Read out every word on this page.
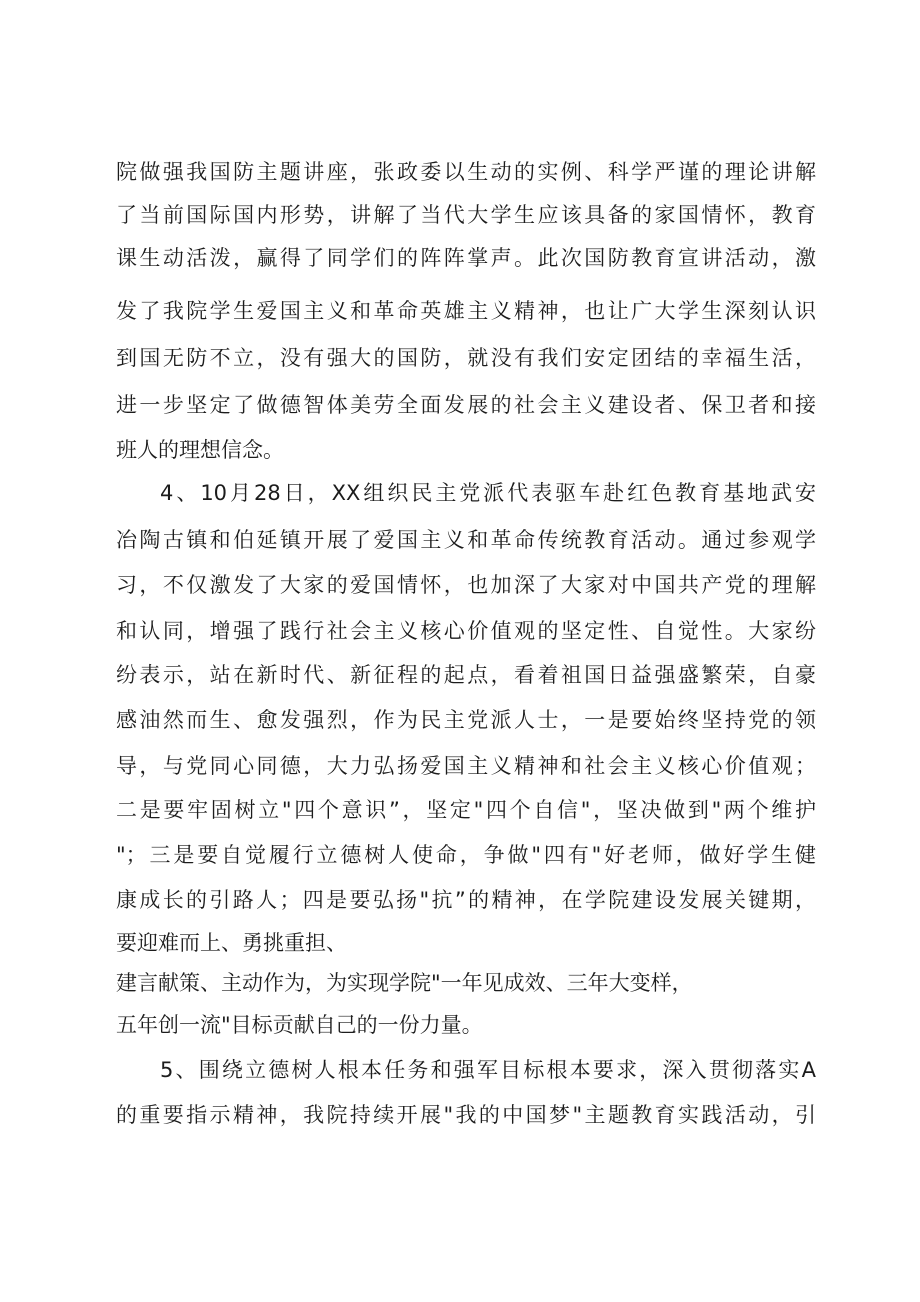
院做强我国防主题讲座，张政委以生动的实例、科学严谨的理论讲解
了当前国际国内形势，讲解了当代大学生应该具备的家国情怀，教育
课生动活泼，赢得了同学们的阵阵掌声。此次国防教育宣讲活动，激
发了我院学生爱国主义和革命英雄主义精神，也让广大学生深刻认识
到国无防不立，没有强大的国防，就没有我们安定团结的幸福生活，
进一步坚定了做德智体美劳全面发展的社会主义建设者、保卫者和接
班人的理想信念。
4、10月28日，XX组织民主党派代表驱车赴红色教育基地武安
冶陶古镇和伯延镇开展了爱国主义和革命传统教育活动。通过参观学
习，不仅激发了大家的爱国情怀，也加深了大家对中国共产党的理解
和认同，增强了践行社会主义核心价值观的坚定性、自觉性。大家纷
纷表示，站在新时代、新征程的起点，看着祖国日益强盛繁荣，自豪
感油然而生、愈发强烈，作为民主党派人士，一是要始终坚持党的领
导，与党同心同德，大力弘扬爱国主义精神和社会主义核心价值观；
二是要牢固树立"四个意识”，坚定"四个自信"，坚决做到"两个维护
"；三是要自觉履行立德树人使命，争做"四有"好老师，做好学生健
康成长的引路人；四是要弘扬"抗”的精神，在学院建设发展关键期，
要迎难而上、勇挑重担、
建言献策、主动作为，为实现学院"一年见成效、三年大变样，
五年创一流"目标贡献自己的一份力量。
5、围绕立德树人根本任务和强军目标根本要求，深入贯彻落实A
的重要指示精神，我院持续开展"我的中国梦"主题教育实践活动，引
